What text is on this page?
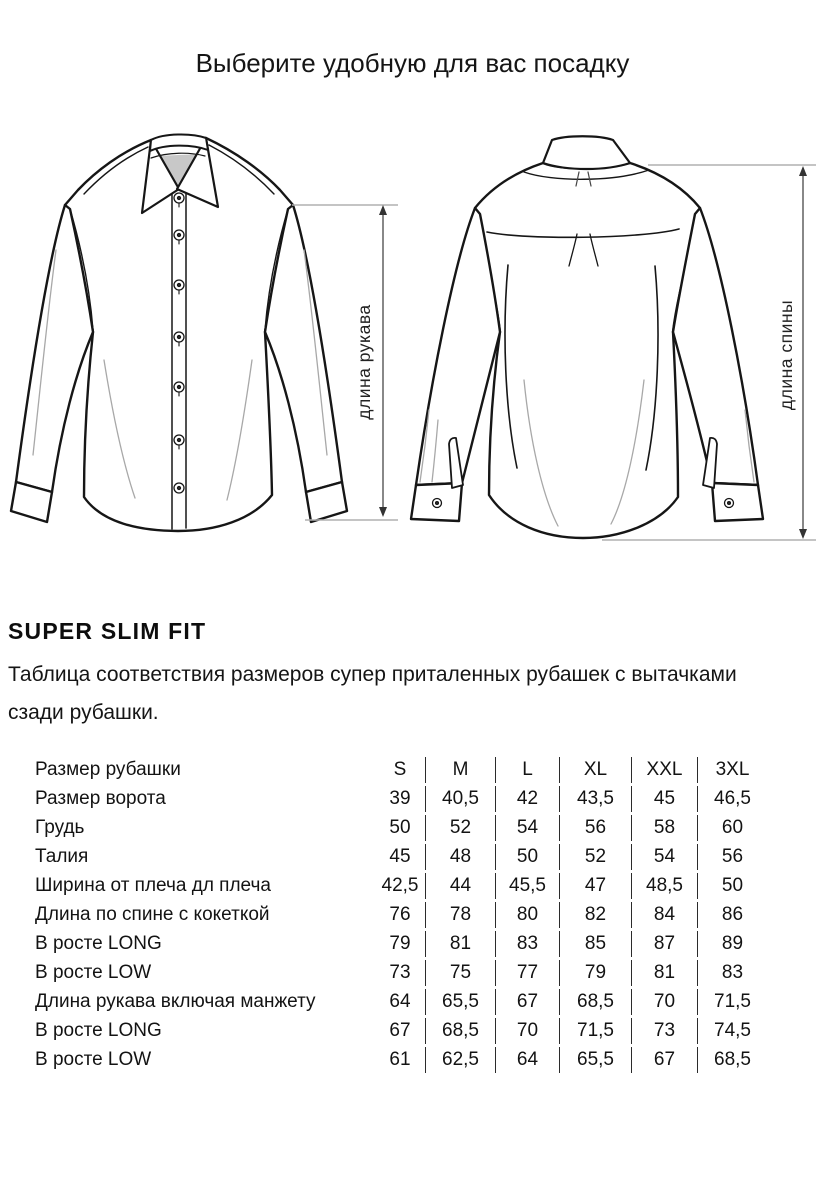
Выберите удобную для вас посадку
длина рукава	длина спины
SUPER SLIM FIT

Таблица соответствия размеров супер приталенных рубашек с вытачками
сзади рубашки.

Размер рубашки	S	M	L	XL	XXL	3XL
Размер ворота	39	40,5	42	43,5	45	46,5
Грудь	50	52	54	56	58	60
Талия	45	48	50	52	54	56
Ширина от плеча дл плеча	42,5	44	45,5	47	48,5	50
Длина по спине с кокеткой	76	78	80	82	84	86
В росте LONG	79	81	83	85	87	89
В росте LOW	73	75	77	79	81	83
Длина рукава включая манжету	64	65,5	67	68,5	70	71,5
В росте LONG	67	68,5	70	71,5	73	74,5
В росте LOW	61	62,5	64	65,5	67	68,5
